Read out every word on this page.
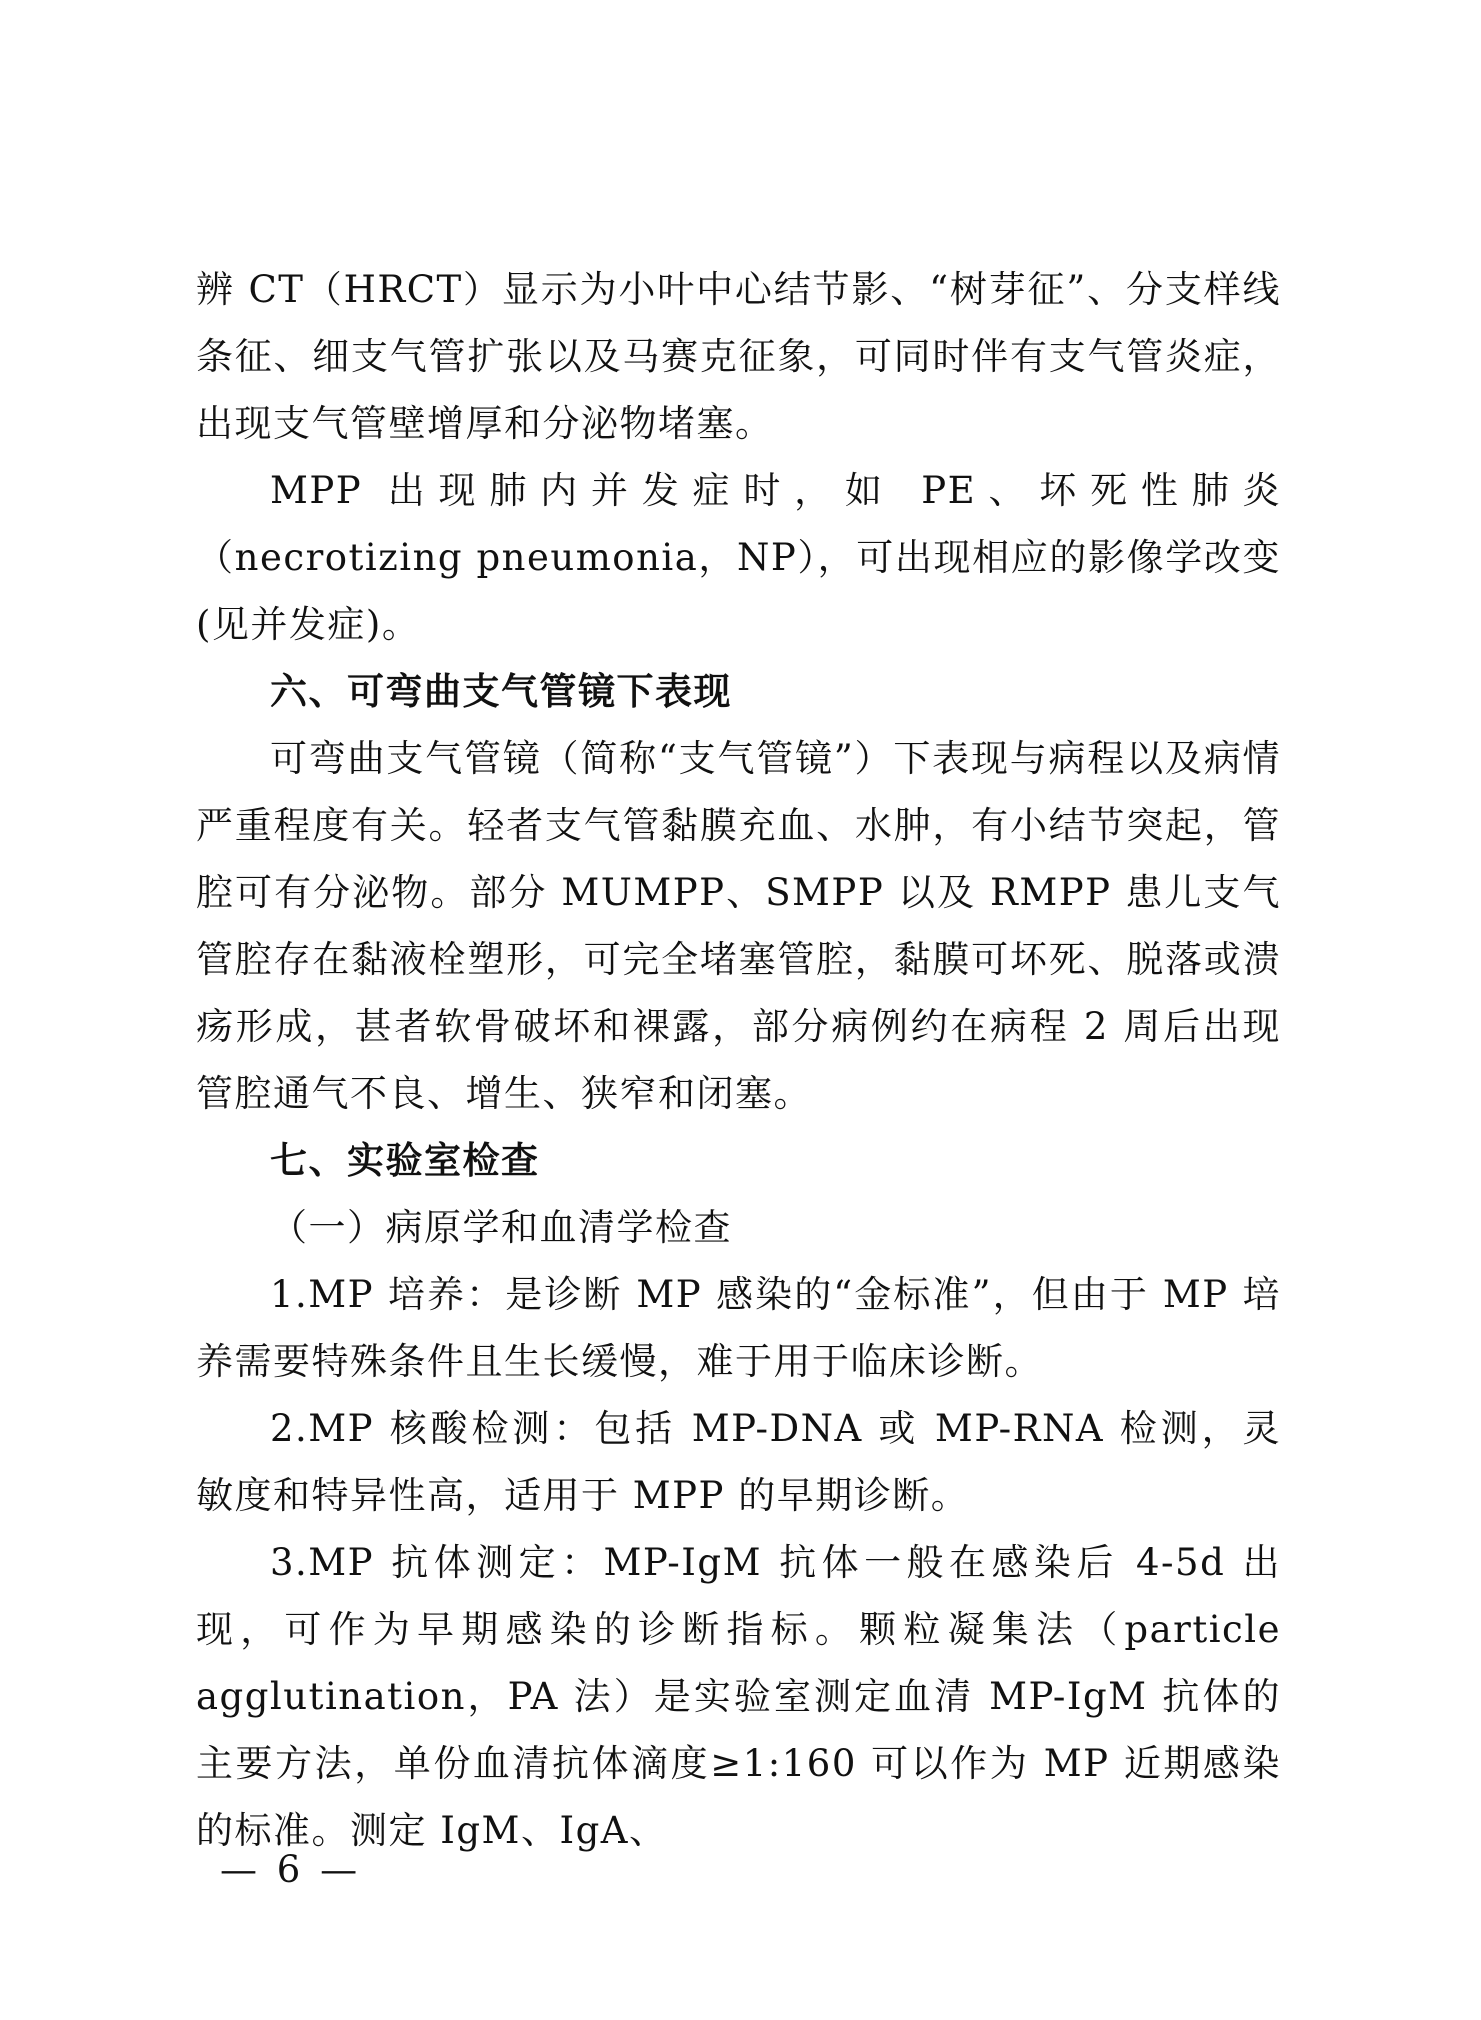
辨 CT（HRCT）显示为小叶中心结节影、“树芽征”、分支样线条征、细支气管扩张以及马赛克征象，可同时伴有支气管炎症，出现支气管壁增厚和分泌物堵塞。

MPP 出现肺内并发症时，如 PE、坏死性肺炎（necrotizing pneumonia，NP），可出现相应的影像学改变(见并发症)。

六、可弯曲支气管镜下表现

可弯曲支气管镜（简称“支气管镜”）下表现与病程以及病情严重程度有关。轻者支气管黏膜充血、水肿，有小结节突起，管腔可有分泌物。部分 MUMPP、SMPP 以及 RMPP 患儿支气管腔存在黏液栓塑形，可完全堵塞管腔，黏膜可坏死、脱落或溃疡形成，甚者软骨破坏和裸露，部分病例约在病程 2 周后出现管腔通气不良、增生、狭窄和闭塞。

七、实验室检查

（一）病原学和血清学检查

1.MP 培养：是诊断 MP 感染的“金标准”，但由于 MP 培养需要特殊条件且生长缓慢，难于用于临床诊断。

2.MP 核酸检测：包括 MP-DNA 或 MP-RNA 检测，灵敏度和特异性高，适用于 MPP 的早期诊断。

3.MP 抗体测定：MP-IgM 抗体一般在感染后 4-5d 出现，可作为早期感染的诊断指标。颗粒凝集法（particle agglutination，PA 法）是实验室测定血清 MP-IgM 抗体的主要方法，单份血清抗体滴度≥1:160 可以作为 MP 近期感染的标准。测定 IgM、IgA、

— 6 —
